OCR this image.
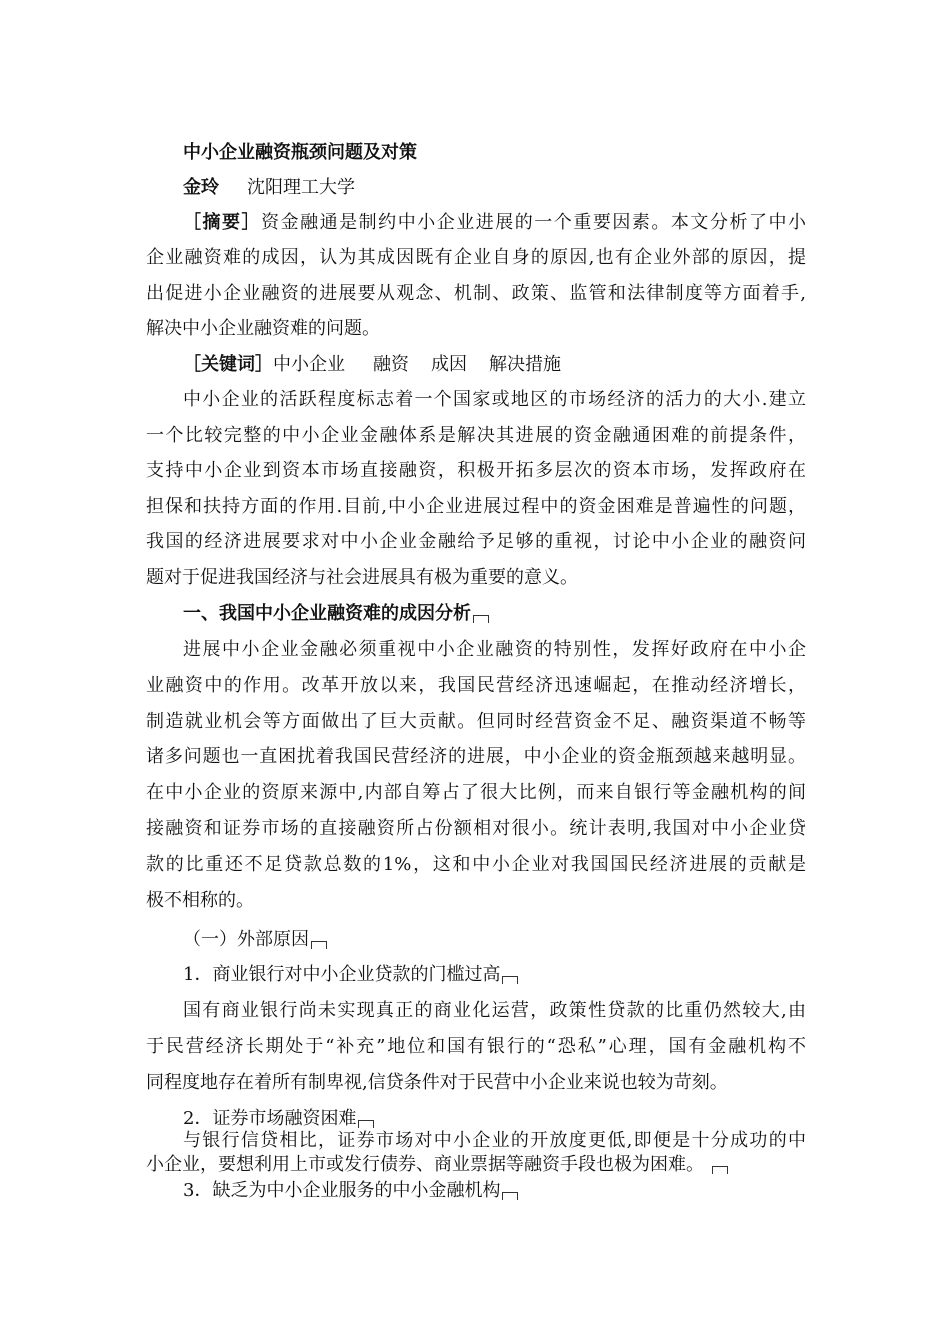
中小企业融资瓶颈问题及对策
金玲 沈阳理工大学
［摘要］资金融通是制约中小企业进展的一个重要因素。本文分析了中小
企业融资难的成因，认为其成因既有企业自身的原因,也有企业外部的原因，提
出促进小企业融资的进展要从观念、机制、政策、监管和法律制度等方面着手,
解决中小企业融资难的问题。
［关键词］中小企业 融资 成因 解决措施
中小企业的活跃程度标志着一个国家或地区的市场经济的活力的大小.建立
一个比较完整的中小企业金融体系是解决其进展的资金融通困难的前提条件，
支持中小企业到资本市场直接融资，积极开拓多层次的资本市场，发挥政府在
担保和扶持方面的作用.目前,中小企业进展过程中的资金困难是普遍性的问题，
我国的经济进展要求对中小企业金融给予足够的重视，讨论中小企业的融资问
题对于促进我国经济与社会进展具有极为重要的意义。
一、我国中小企业融资难的成因分析
进展中小企业金融必须重视中小企业融资的特别性，发挥好政府在中小企
业融资中的作用。改革开放以来，我国民营经济迅速崛起，在推动经济增长，
制造就业机会等方面做出了巨大贡献。但同时经营资金不足、融资渠道不畅等
诸多问题也一直困扰着我国民营经济的进展，中小企业的资金瓶颈越来越明显。
在中小企业的资原来源中,内部自筹占了很大比例，而来自银行等金融机构的间
接融资和证券市场的直接融资所占份额相对很小。统计表明,我国对中小企业贷
款的比重还不足贷款总数的1%，这和中小企业对我国国民经济进展的贡献是
极不相称的。
（一）外部原因
1．商业银行对中小企业贷款的门槛过高
国有商业银行尚未实现真正的商业化运营，政策性贷款的比重仍然较大,由
于民营经济长期处于“补充”地位和国有银行的“恐私”心理，国有金融机构不
同程度地存在着所有制卑视,信贷条件对于民营中小企业来说也较为苛刻。
2．证券市场融资困难
与银行信贷相比，证券市场对中小企业的开放度更低,即便是十分成功的中
小企业，要想利用上市或发行债券、商业票据等融资手段也极为困难。
3．缺乏为中小企业服务的中小金融机构
